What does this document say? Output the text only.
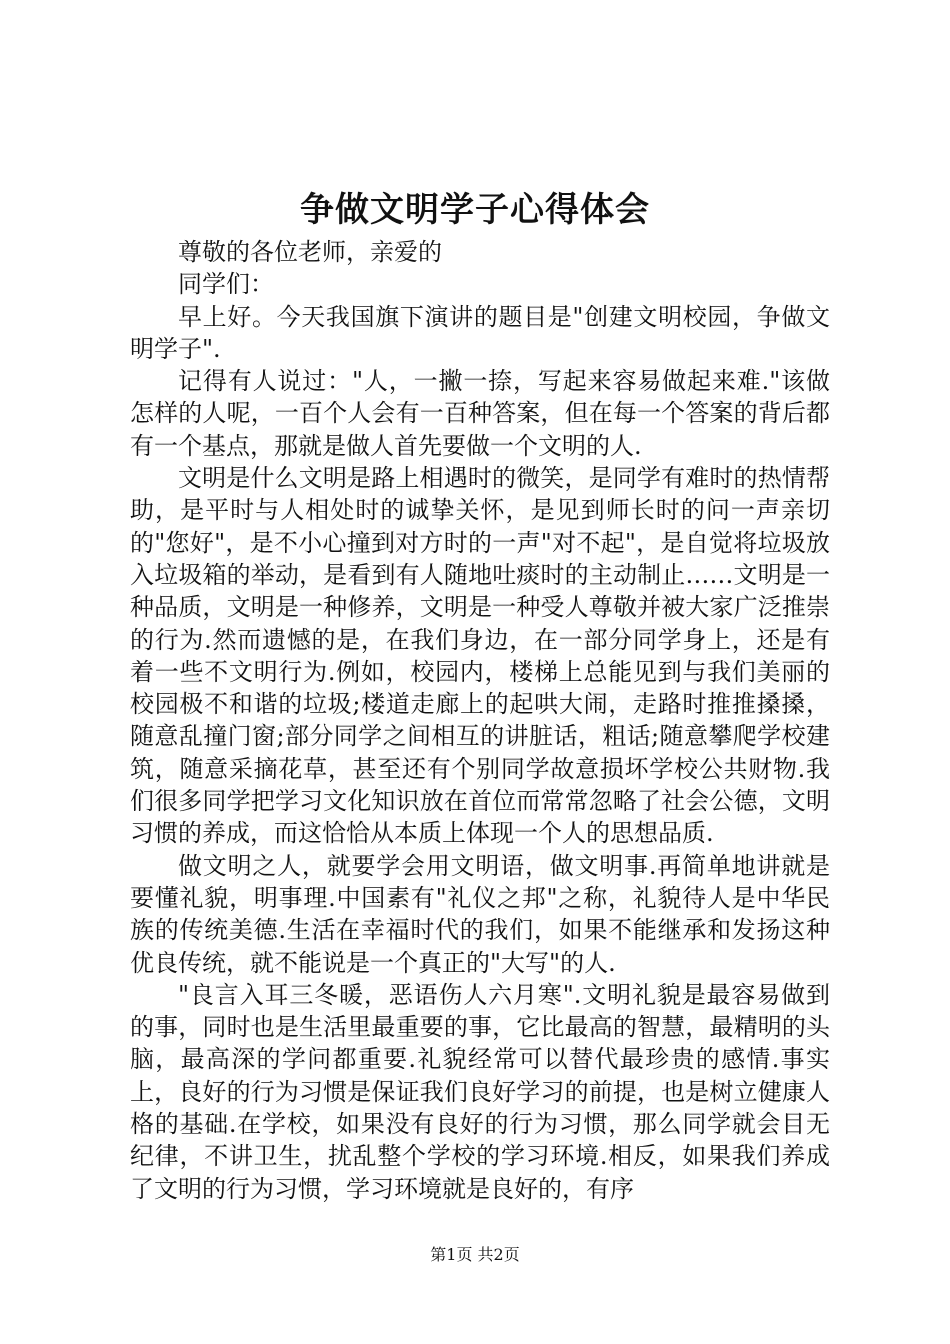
争做文明学子心得体会

尊敬的各位老师，亲爱的

同学们：

早上好。今天我国旗下演讲的题目是"创建文明校园，争做文明学子".

记得有人说过："人，一撇一捺，写起来容易做起来难."该做怎样的人呢，一百个人会有一百种答案，但在每一个答案的背后都有一个基点，那就是做人首先要做一个文明的人.

文明是什么文明是路上相遇时的微笑，是同学有难时的热情帮助，是平时与人相处时的诚挚关怀，是见到师长时的问一声亲切的"您好"，是不小心撞到对方时的一声"对不起"，是自觉将垃圾放入垃圾箱的举动，是看到有人随地吐痰时的主动制止……文明是一种品质，文明是一种修养，文明是一种受人尊敬并被大家广泛推崇的行为.然而遗憾的是，在我们身边，在一部分同学身上，还是有着一些不文明行为.例如，校园内，楼梯上总能见到与我们美丽的校园极不和谐的垃圾;楼道走廊上的起哄大闹，走路时推推搡搡，随意乱撞门窗;部分同学之间相互的讲脏话，粗话;随意攀爬学校建筑，随意采摘花草，甚至还有个别同学故意损坏学校公共财物.我们很多同学把学习文化知识放在首位而常常忽略了社会公德，文明习惯的养成，而这恰恰从本质上体现一个人的思想品质.

做文明之人，就要学会用文明语，做文明事.再简单地讲就是要懂礼貌，明事理.中国素有"礼仪之邦"之称，礼貌待人是中华民族的传统美德.生活在幸福时代的我们，如果不能继承和发扬这种优良传统，就不能说是一个真正的"大写"的人.

"良言入耳三冬暖，恶语伤人六月寒".文明礼貌是最容易做到的事，同时也是生活里最重要的事，它比最高的智慧，最精明的头脑，最高深的学问都重要.礼貌经常可以替代最珍贵的感情.事实上，良好的行为习惯是保证我们良好学习的前提，也是树立健康人格的基础.在学校，如果没有良好的行为习惯，那么同学就会目无纪律，不讲卫生，扰乱整个学校的学习环境.相反，如果我们养成了文明的行为习惯，学习环境就是良好的，有序

第1页 共2页
